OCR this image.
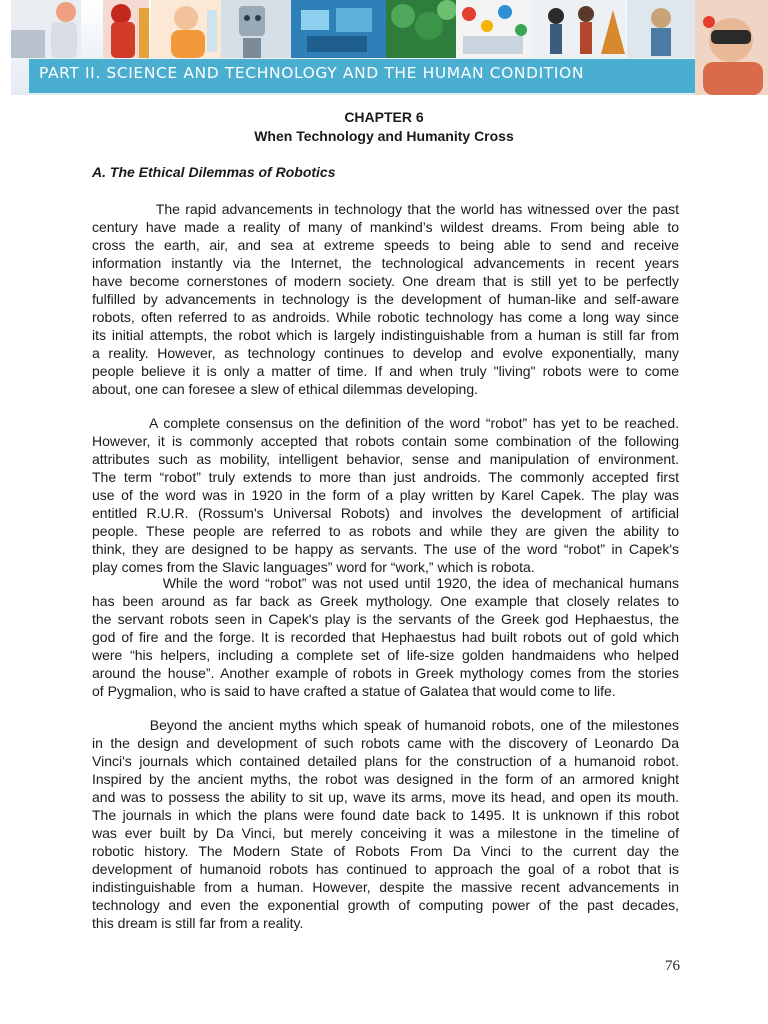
PART II. SCIENCE AND TECHNOLOGY AND THE HUMAN CONDITION
CHAPTER 6
When Technology and Humanity Cross
A. The Ethical Dilemmas of Robotics
The rapid advancements in technology that the world has witnessed over the past
century have made a reality of many of mankind’s wildest dreams. From being able to
cross the earth, air, and sea at extreme speeds to being able to send and receive
information instantly via the Internet, the technological advancements in recent years
have become cornerstones of modern society. One dream that is still yet to be perfectly
fulfilled by advancements in technology is the development of human-like and self-aware
robots, often referred to as androids. While robotic technology has come a long way since
its initial attempts, the robot which is largely indistinguishable from a human is still far from
a reality. However, as technology continues to develop and evolve exponentially, many
people believe it is only a matter of time. If and when truly "living" robots were to come
about, one can foresee a slew of ethical dilemmas developing.
A complete consensus on the definition of the word “robot” has yet to be reached.
However, it is commonly accepted that robots contain some combination of the following
attributes such as mobility, intelligent behavior, sense and manipulation of environment.
The term “robot” truly extends to more than just androids. The commonly accepted first
use of the word was in 1920 in the form of a play written by Karel Capek. The play was
entitled R.U.R. (Rossum's Universal Robots) and involves the development of artificial
people. These people are referred to as robots and while they are given the ability to
think, they are designed to be happy as servants. The use of the word “robot” in Capek's
play comes from the Slavic languages” word for “work,” which is robota.
While the word “robot” was not used until 1920, the idea of mechanical humans
has been around as far back as Greek mythology. One example that closely relates to
the servant robots seen in Capek's play is the servants of the Greek god Hephaestus, the
god of fire and the forge. It is recorded that Hephaestus had built robots out of gold which
were “his helpers, including a complete set of life-size golden handmaidens who helped
around the house”. Another example of robots in Greek mythology comes from the stories
of Pygmalion, who is said to have crafted a statue of Galatea that would come to life.
Beyond the ancient myths which speak of humanoid robots, one of the milestones
in the design and development of such robots came with the discovery of Leonardo Da
Vinci's journals which contained detailed plans for the construction of a humanoid robot.
Inspired by the ancient myths, the robot was designed in the form of an armored knight
and was to possess the ability to sit up, wave its arms, move its head, and open its mouth.
The journals in which the plans were found date back to 1495. It is unknown if this robot
was ever built by Da Vinci, but merely conceiving it was a milestone in the timeline of
robotic history. The Modern State of Robots From Da Vinci to the current day the
development of humanoid robots has continued to approach the goal of a robot that is
indistinguishable from a human. However, despite the massive recent advancements in
technology and even the exponential growth of computing power of the past decades,
this dream is still far from a reality.
76
